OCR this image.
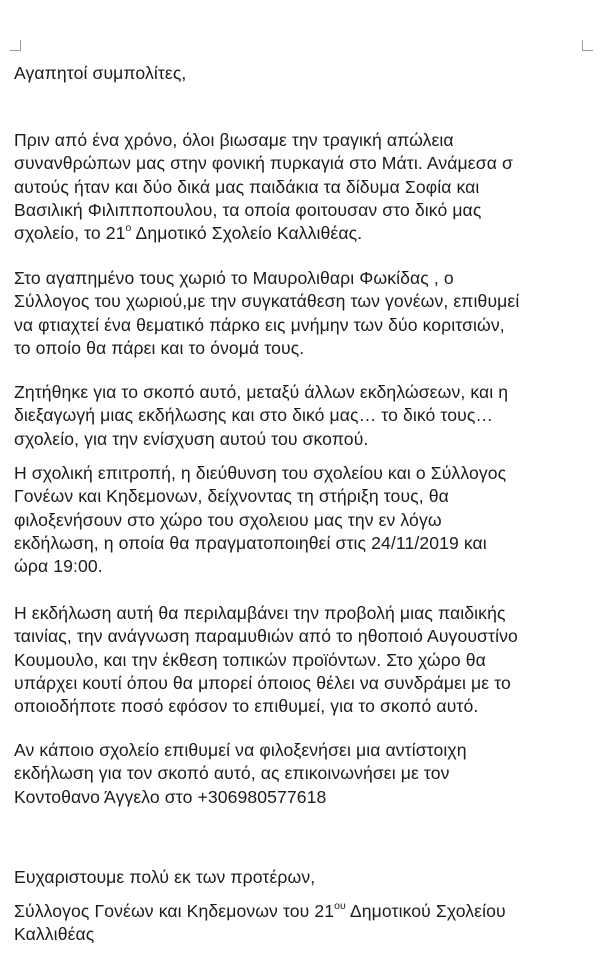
Αγαπητοί συμπολίτες,
Πριν από ένα χρόνο, όλοι βιωσαμε την τραγική απώλεια
συνανθρώπων μας στην φονική πυρκαγιά στο Μάτι. Ανάμεσα σ
αυτούς ήταν και δύο δικά μας παιδάκια τα δίδυμα Σοφία και
Βασιλική Φιλιπποπουλου, τα οποία φοιτουσαν στο δικό μας
σχολείο, το $21^o$ Δημοτικό Σχολείο Καλλιθέας.
Στο αγαπημένο τους χωριό το Μαυρολιθαρι Φωκίδας , ο
Σύλλογος του χωριού,με την συγκατάθεση των γονέων, επιθυμεί
να φτιαχτεί ένα θεματικό πάρκο εις μνήμην των δύο κοριτσιών,
το οποίο θα πάρει και το όνομά τους.
Ζητήθηκε για το σκοπό αυτό, μεταξύ άλλων εκδηλώσεων, και η
διεξαγωγή μιας εκδήλωσης και στο δικό μας… το δικό τους…
σχολείο, για την ενίσχυση αυτού του σκοπού.
Η σχολική επιτροπή, η διεύθυνση του σχολείου και ο Σύλλογος
Γονέων και Κηδεμονων, δείχνοντας τη στήριξη τους, θα
φιλοξενήσουν στο χώρο του σχολειου μας την εν λόγω
εκδήλωση, η οποία θα πραγματοποιηθεί στις 24/11/2019 και
ώρα 19:00.
Η εκδήλωση αυτή θα περιλαμβάνει την προβολή μιας παιδικής
ταινίας, την ανάγνωση παραμυθιών από το ηθοποιό Αυγουστίνο
Κουμουλο, και την έκθεση τοπικών προϊόντων. Στο χώρο θα
υπάρχει κουτί όπου θα μπορεί όποιος θέλει να συνδράμει με το
οποιοδήποτε ποσό εφόσον το επιθυμεί, για το σκοπό αυτό.
Αν κάποιο σχολείο επιθυμεί να φιλοξενήσει μια αντίστοιχη
εκδήλωση για τον σκοπό αυτό, ας επικοινωνήσει με τον
Κοντοθανο Άγγελο στο +306980577618
Ευχαριστουμε πολύ εκ των προτέρων,
Σύλλογος Γονέων και Κηδεμονων του $21^{o\upsilon}$ Δημοτικού Σχολείου
Καλλιθέας
